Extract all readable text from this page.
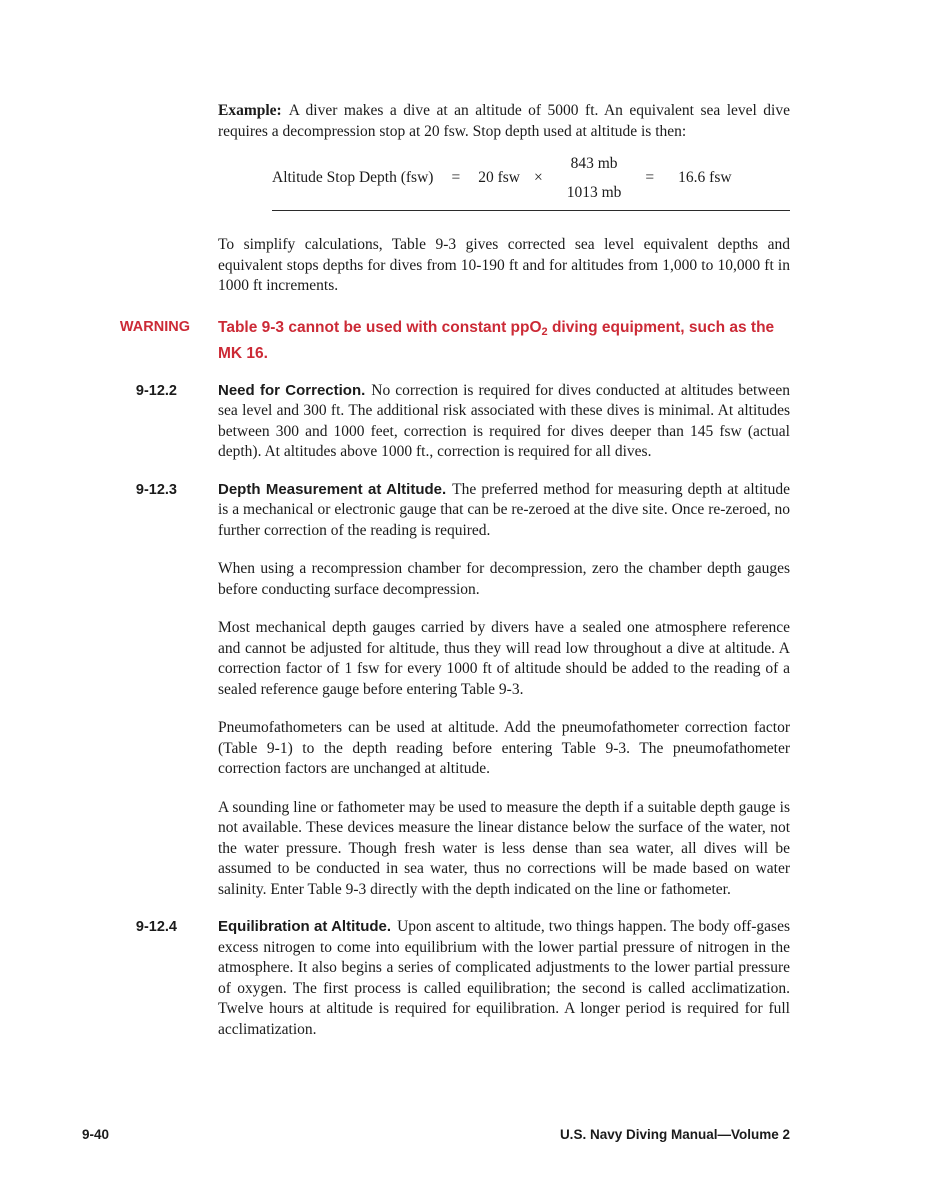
Example: A diver makes a dive at an altitude of 5000 ft. An equivalent sea level dive requires a decompression stop at 20 fsw. Stop depth used at altitude is then:

Altitude Stop Depth (fsw) = 20 fsw ×
843 mb
1013 mb
= 16.6 fsw

To simplify calculations, Table 9-3 gives corrected sea level equivalent depths and equivalent stops depths for dives from 10-190 ft and for altitudes from 1,000 to 10,000 ft in 1000 ft increments.

WARNING Table 9-3 cannot be used with constant ppO2 diving equipment, such as the MK 16.

9-12.2	Need for Correction. No correction is required for dives conducted at altitudes between sea level and 300 ft. The additional risk associated with these dives is minimal. At altitudes between 300 and 1000 feet, correction is required for dives deeper than 145 fsw (actual depth). At altitudes above 1000 ft., correction is required for all dives.

9-12.3	Depth Measurement at Altitude. The preferred method for measuring depth at altitude is a mechanical or electronic gauge that can be re-zeroed at the dive site. Once re-zeroed, no further correction of the reading is required.

When using a recompression chamber for decompression, zero the chamber depth gauges before conducting surface decompression.

Most mechanical depth gauges carried by divers have a sealed one atmosphere reference and cannot be adjusted for altitude, thus they will read low throughout a dive at altitude. A correction factor of 1 fsw for every 1000 ft of altitude should be added to the reading of a sealed reference gauge before entering Table 9-3.

Pneumofathometers can be used at altitude. Add the pneumofathometer correction factor (Table 9-1) to the depth reading before entering Table 9-3. The pneumofathometer correction factors are unchanged at altitude.

A sounding line or fathometer may be used to measure the depth if a suitable depth gauge is not available. These devices measure the linear distance below the surface of the water, not the water pressure. Though fresh water is less dense than sea water, all dives will be assumed to be conducted in sea water, thus no corrections will be made based on water salinity. Enter Table 9-3 directly with the depth indicated on the line or fathometer.

9-12.4	Equilibration at Altitude. Upon ascent to altitude, two things happen. The body off-gases excess nitrogen to come into equilibrium with the lower partial pressure of nitrogen in the atmosphere. It also begins a series of complicated adjustments to the lower partial pressure of oxygen. The first process is called equilibration; the second is called acclimatization. Twelve hours at altitude is required for equilibration. A longer period is required for full acclimatization.

9-40	U.S. Navy Diving Manual—Volume 2
